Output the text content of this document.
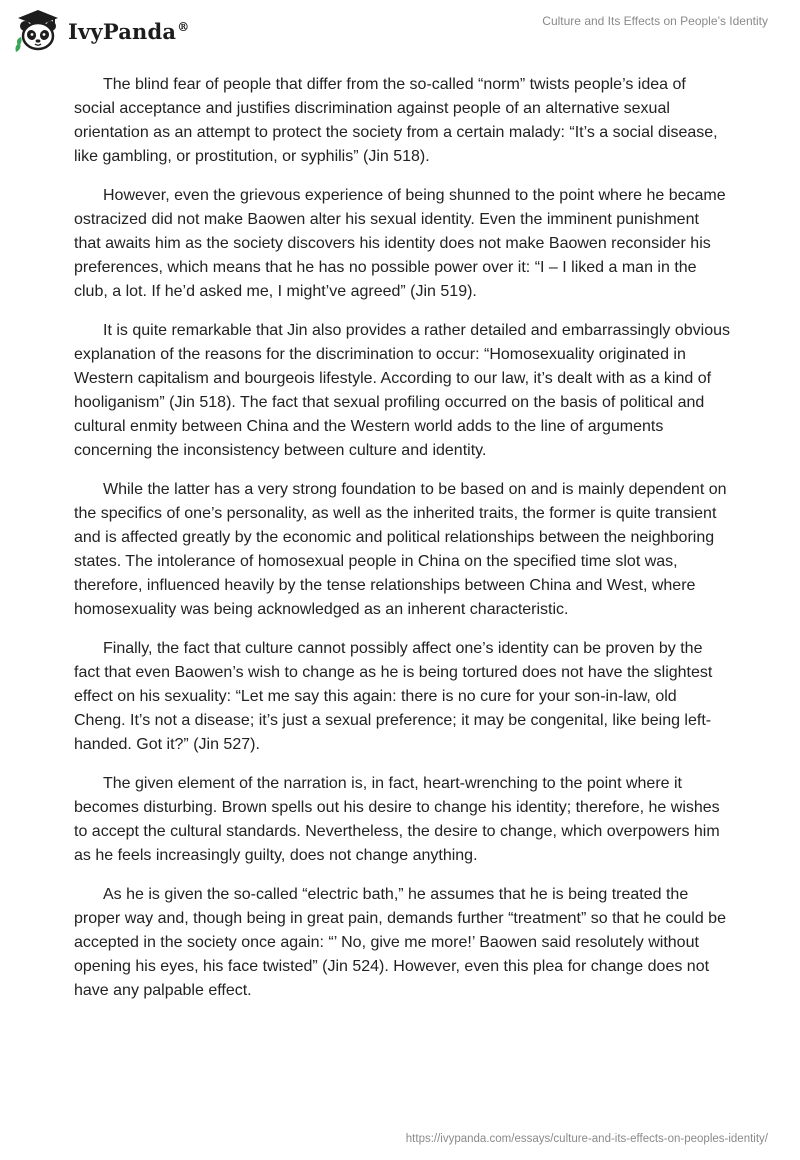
IvyPanda®	Culture and Its Effects on People’s Identity

The blind fear of people that differ from the so-called “norm” twists people’s idea of social acceptance and justifies discrimination against people of an alternative sexual orientation as an attempt to protect the society from a certain malady: “It’s a social disease, like gambling, or prostitution, or syphilis” (Jin 518).

However, even the grievous experience of being shunned to the point where he became ostracized did not make Baowen alter his sexual identity. Even the imminent punishment that awaits him as the society discovers his identity does not make Baowen reconsider his preferences, which means that he has no possible power over it: “I – I liked a man in the club, a lot. If he’d asked me, I might’ve agreed” (Jin 519).

It is quite remarkable that Jin also provides a rather detailed and embarrassingly obvious explanation of the reasons for the discrimination to occur: “Homosexuality originated in Western capitalism and bourgeois lifestyle. According to our law, it’s dealt with as a kind of hooliganism” (Jin 518). The fact that sexual profiling occurred on the basis of political and cultural enmity between China and the Western world adds to the line of arguments concerning the inconsistency between culture and identity.

While the latter has a very strong foundation to be based on and is mainly dependent on the specifics of one’s personality, as well as the inherited traits, the former is quite transient and is affected greatly by the economic and political relationships between the neighboring states. The intolerance of homosexual people in China on the specified time slot was, therefore, influenced heavily by the tense relationships between China and West, where homosexuality was being acknowledged as an inherent characteristic.

Finally, the fact that culture cannot possibly affect one’s identity can be proven by the fact that even Baowen’s wish to change as he is being tortured does not have the slightest effect on his sexuality: “Let me say this again: there is no cure for your son-in-law, old Cheng. It’s not a disease; it’s just a sexual preference; it may be congenital, like being left-handed. Got it?” (Jin 527).

The given element of the narration is, in fact, heart-wrenching to the point where it becomes disturbing. Brown spells out his desire to change his identity; therefore, he wishes to accept the cultural standards. Nevertheless, the desire to change, which overpowers him as he feels increasingly guilty, does not change anything.

As he is given the so-called “electric bath,” he assumes that he is being treated the proper way and, though being in great pain, demands further “treatment” so that he could be accepted in the society once again: “’ No, give me more!’ Baowen said resolutely without opening his eyes, his face twisted” (Jin 524). However, even this plea for change does not have any palpable effect.

https://ivypanda.com/essays/culture-and-its-effects-on-peoples-identity/
